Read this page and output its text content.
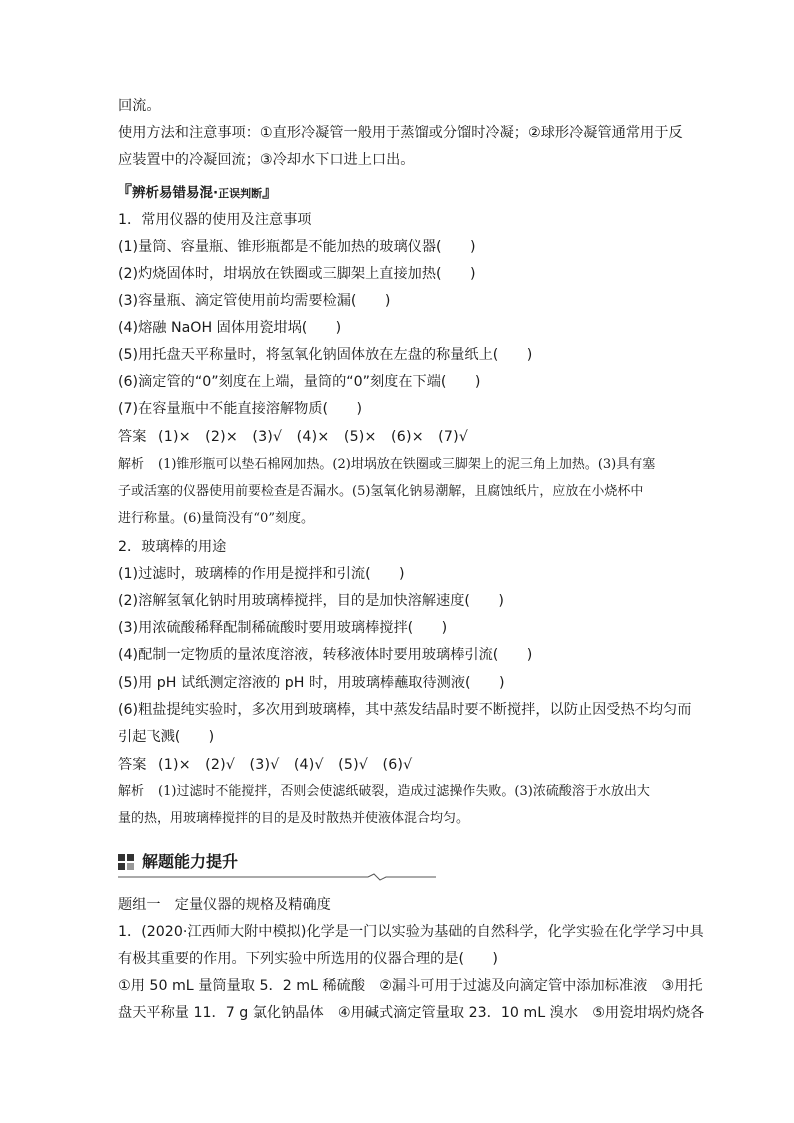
回流。
使用方法和注意事项：①直形冷凝管一般用于蒸馏或分馏时冷凝；②球形冷凝管通常用于反
应装置中的冷凝回流；③冷却水下口进上口出。
『辨析易错易混·正误判断』
1．常用仪器的使用及注意事项
(1)量筒、容量瓶、锥形瓶都是不能加热的玻璃仪器(　　)
(2)灼烧固体时，坩埚放在铁圈或三脚架上直接加热(　　)
(3)容量瓶、滴定管使用前均需要检漏(　　)
(4)熔融 NaOH 固体用瓷坩埚(　　)
(5)用托盘天平称量时，将氢氧化钠固体放在左盘的称量纸上(　　)
(6)滴定管的“0”刻度在上端，量筒的“0”刻度在下端(　　)
(7)在容量瓶中不能直接溶解物质(　　)
答案 (1)×　(2)×　(3)√　(4)×　(5)×　(6)×　(7)√
解析 (1)锥形瓶可以垫石棉网加热。(2)坩埚放在铁圈或三脚架上的泥三角上加热。(3)具有塞
子或活塞的仪器使用前要检查是否漏水。(5)氢氧化钠易潮解，且腐蚀纸片，应放在小烧杯中
进行称量。(6)量筒没有“0”刻度。
2．玻璃棒的用途
(1)过滤时，玻璃棒的作用是搅拌和引流(　　)
(2)溶解氢氧化钠时用玻璃棒搅拌，目的是加快溶解速度(　　)
(3)用浓硫酸稀释配制稀硫酸时要用玻璃棒搅拌(　　)
(4)配制一定物质的量浓度溶液，转移液体时要用玻璃棒引流(　　)
(5)用 pH 试纸测定溶液的 pH 时，用玻璃棒蘸取待测液(　　)
(6)粗盐提纯实验时，多次用到玻璃棒，其中蒸发结晶时要不断搅拌，以防止因受热不均匀而
引起飞溅(　　)
答案 (1)×　(2)√　(3)√　(4)√　(5)√　(6)√
解析 (1)过滤时不能搅拌，否则会使滤纸破裂，造成过滤操作失败。(3)浓硫酸溶于水放出大
量的热，用玻璃棒搅拌的目的是及时散热并使液体混合均匀。
解题能力提升
题组一　定量仪器的规格及精确度
1．(2020·江西师大附中模拟)化学是一门以实验为基础的自然科学，化学实验在化学学习中具
有极其重要的作用。下列实验中所选用的仪器合理的是(　　)
①用 50 mL 量筒量取 5．2 mL 稀硫酸　②漏斗可用于过滤及向滴定管中添加标准液　③用托
盘天平称量 11．7 g 氯化钠晶体　④用碱式滴定管量取 23．10 mL 溴水　⑤用瓷坩埚灼烧各
